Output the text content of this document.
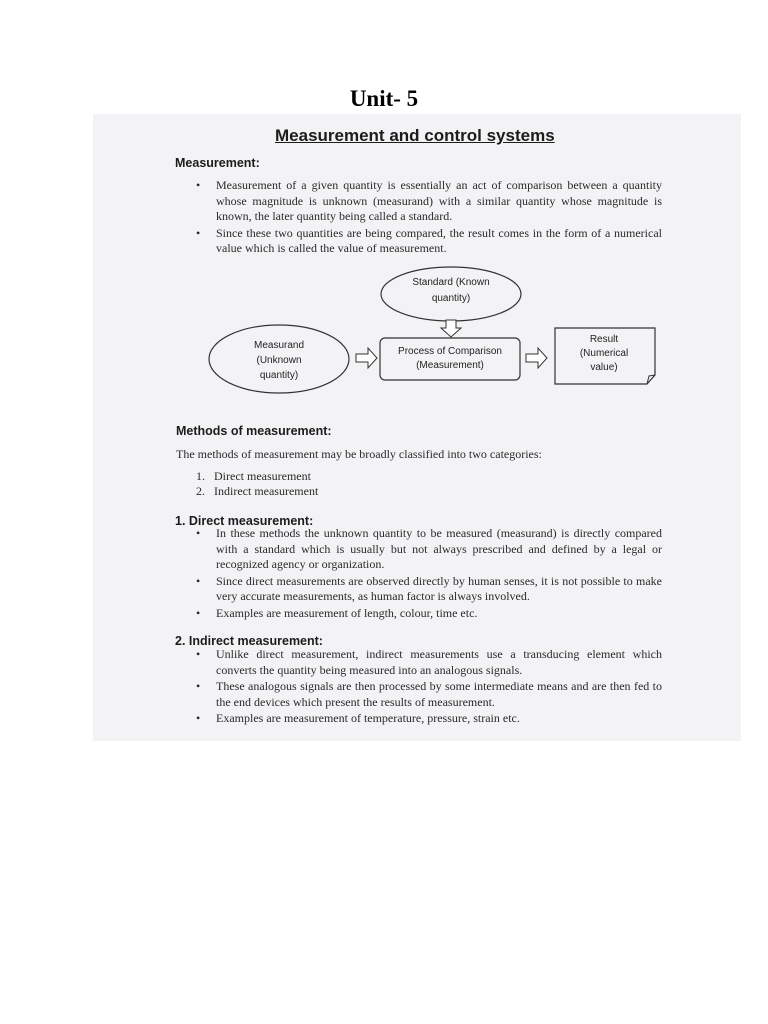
Unit- 5
Measurement and control systems
Measurement:
• Measurement of a given quantity is essentially an act of comparison between a quantity whose magnitude is unknown (measurand) with a similar quantity whose magnitude is known, the later quantity being called a standard.
• Since these two quantities are being compared, the result comes in the form of a numerical value which is called the value of measurement.
Standard (Known
quantity)
Measurand
(Unknown
quantity)
Process of Comparison
(Measurement)
Result
(Numerical
value)
Methods of measurement:
The methods of measurement may be broadly classified into two categories:
1. Direct measurement
2. Indirect measurement
1. Direct measurement:
• In these methods the unknown quantity to be measured (measurand) is directly compared with a standard which is usually but not always prescribed and defined by a legal or recognized agency or organization.
• Since direct measurements are observed directly by human senses, it is not possible to make very accurate measurements, as human factor is always involved.
• Examples are measurement of length, colour, time etc.
2. Indirect measurement:
• Unlike direct measurement, indirect measurements use a transducing element which converts the quantity being measured into an analogous signals.
• These analogous signals are then processed by some intermediate means and are then fed to the end devices which present the results of measurement.
• Examples are measurement of temperature, pressure, strain etc.
